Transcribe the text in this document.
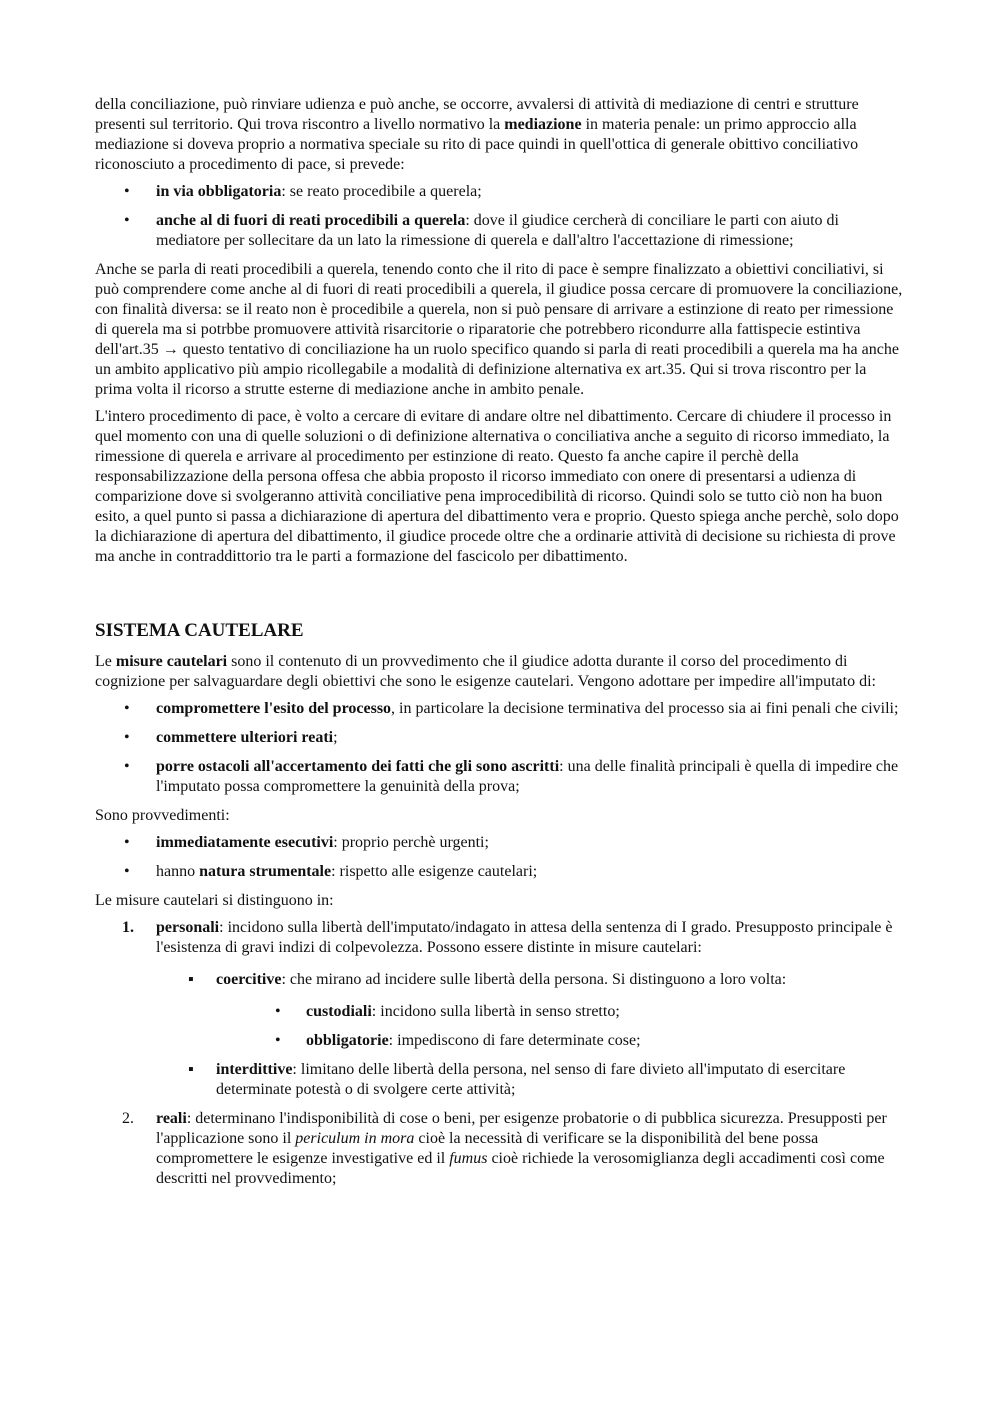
della conciliazione, può rinviare udienza e può anche, se occorre, avvalersi di attività di mediazione di centri e strutture presenti sul territorio. Qui trova riscontro a livello normativo la mediazione in materia penale: un primo approccio alla mediazione si doveva proprio a normativa speciale su rito di pace quindi in quell'ottica di generale obittivo conciliativo riconosciuto a procedimento di pace, si prevede:

•
in via obbligatoria: se reato procedibile a querela;
•
anche al di fuori di reati procedibili a querela: dove il giudice cercherà di conciliare le parti con aiuto di mediatore per sollecitare da un lato la rimessione di querela e dall'altro l'accettazione di rimessione;

Anche se parla di reati procedibili a querela, tenendo conto che il rito di pace è sempre finalizzato a obiettivi conciliativi, si può comprendere come anche al di fuori di reati procedibili a querela, il giudice possa cercare di promuovere la conciliazione, con finalità diversa: se il reato non è procedibile a querela, non si può pensare di arrivare a estinzione di reato per rimessione di querela ma si potrbbe promuovere attività risarcitorie o riparatorie che potrebbero ricondurre alla fattispecie estintiva dell'art.35 → questo tentativo di conciliazione ha un ruolo specifico quando si parla di reati procedibili a querela ma ha anche un ambito applicativo più ampio ricollegabile a modalità di definizione alternativa ex art.35. Qui si trova riscontro per la prima volta il ricorso a strutte esterne di mediazione anche in ambito penale.

L'intero procedimento di pace, è volto a cercare di evitare di andare oltre nel dibattimento. Cercare di chiudere il processo in quel momento con una di quelle soluzioni o di definizione alternativa o conciliativa anche a seguito di ricorso immediato, la rimessione di querela e arrivare al procedimento per estinzione di reato. Questo fa anche capire il perchè della responsabilizzazione della persona offesa che abbia proposto il ricorso immediato con onere di presentarsi a udienza di comparizione dove si svolgeranno attività conciliative pena improcedibilità di ricorso. Quindi solo se tutto ciò non ha buon esito, a quel punto si passa a dichiarazione di apertura del dibattimento vera e proprio. Questo spiega anche perchè, solo dopo la dichiarazione di apertura del dibattimento, il giudice procede oltre che a ordinarie attività di decisione su richiesta di prove ma anche in contraddittorio tra le parti a formazione del fascicolo per dibattimento.

SISTEMA CAUTELARE

Le misure cautelari sono il contenuto di un provvedimento che il giudice adotta durante il corso del procedimento di cognizione per salvaguardare degli obiettivi che sono le esigenze cautelari. Vengono adottare per impedire all'imputato di:

•
compromettere l'esito del processo, in particolare la decisione terminativa del processo sia ai fini penali che civili;
•
commettere ulteriori reati;
•
porre ostacoli all'accertamento dei fatti che gli sono ascritti: una delle finalità principali è quella di impedire che l'imputato possa compromettere la genuinità della prova;

Sono provvedimenti:

•
immediatamente esecutivi: proprio perchè urgenti;
•
hanno natura strumentale: rispetto alle esigenze cautelari;

Le misure cautelari si distinguono in:

1. personali: incidono sulla libertà dell'imputato/indagato in attesa della sentenza di I grado. Presupposto principale è l'esistenza di gravi indizi di colpevolezza. Possono essere distinte in misure cautelari:
▪
coercitive: che mirano ad incidere sulle libertà della persona. Si distinguono a loro volta:
•
custodiali: incidono sulla libertà in senso stretto;
•
obbligatorie: impediscono di fare determinate cose;
▪
interdittive: limitano delle libertà della persona, nel senso di fare divieto all'imputato di esercitare determinate potestà o di svolgere certe attività;
2. reali: determinano l'indisponibilità di cose o beni, per esigenze probatorie o di pubblica sicurezza. Presupposti per l'applicazione sono il periculum in mora cioè la necessità di verificare se la disponibilità del bene possa compromettere le esigenze investigative ed il fumus cioè richiede la verosomiglianza degli accadimenti così come descritti nel provvedimento;
